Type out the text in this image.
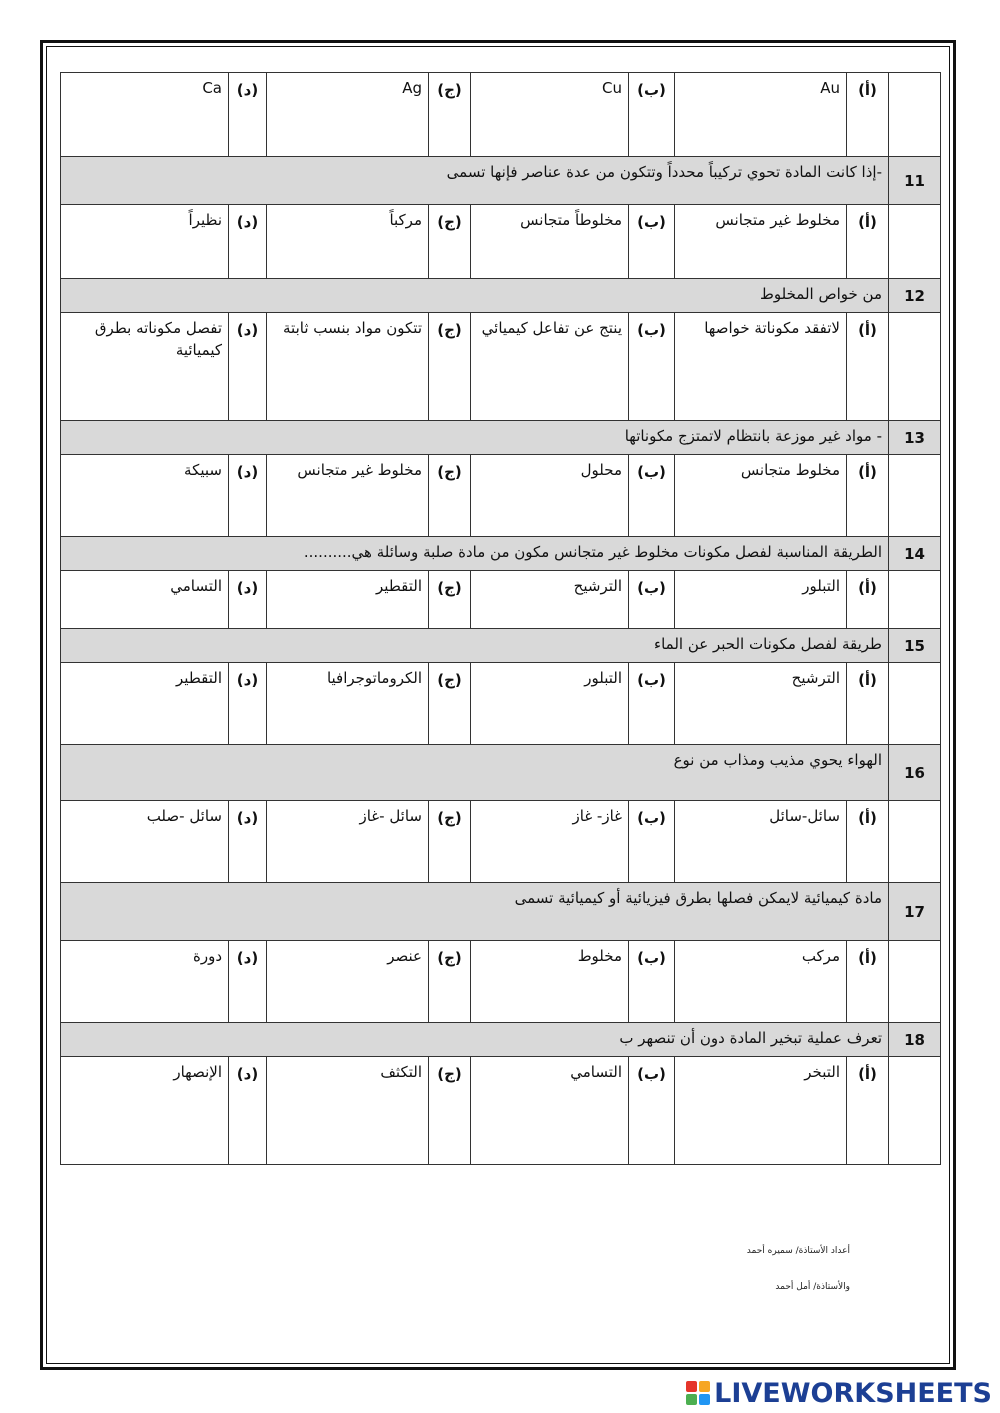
	(أ)	Au	(ب)	Cu	(ج)	Ag	(د)	Ca
11	-إذا كانت المادة تحوي تركيباً محدداً وتتكون من عدة عناصر فإنها تسمى							
	(أ)	مخلوط غير متجانس	(ب)	مخلوطاً متجانس	(ج)	مركباً	(د)	نظيراً
12	من خواص المخلوط							
	(أ)	لاتفقد مكوناتة خواصها	(ب)	ينتج عن تفاعل كيميائي	(ج)	تتكون مواد بنسب ثابتة	(د)	تفصل مكوناته بطرق كيميائية
13	- مواد غير موزعة بانتظام لاتمتزج مكوناتها							
	(أ)	مخلوط متجانس	(ب)	محلول	(ج)	مخلوط غير متجانس	(د)	سبيكة
14	الطريقة المناسبة لفصل مكونات مخلوط غير متجانس مكون من مادة صلبة وسائلة هي..........							
	(أ)	التبلور	(ب)	الترشيح	(ج)	التقطير	(د)	التسامي
15	طريقة لفصل مكونات الحبر عن الماء							
	(أ)	الترشيح	(ب)	التبلور	(ج)	الكروماتوجرافيا	(د)	التقطير
16	الهواء يحوي مذيب ومذاب من نوع							
	(أ)	سائل-سائل	(ب)	غاز- غاز	(ج)	سائل -غاز	(د)	سائل -صلب
17	مادة كيميائية لايمكن فصلها بطرق فيزيائية أو كيميائية تسمى							
	(أ)	مركب	(ب)	مخلوط	(ج)	عنصر	(د)	دورة
18	تعرف عملية تبخير المادة دون أن تنصهر ب							
	(أ)	التبخر	(ب)	التسامي	(ج)	التكثف	(د)	الإنصهار
أعداد الأستاذة/ سميره أحمد
والأستاذة/ أمل أحمد
LIVEWORKSHEETS
